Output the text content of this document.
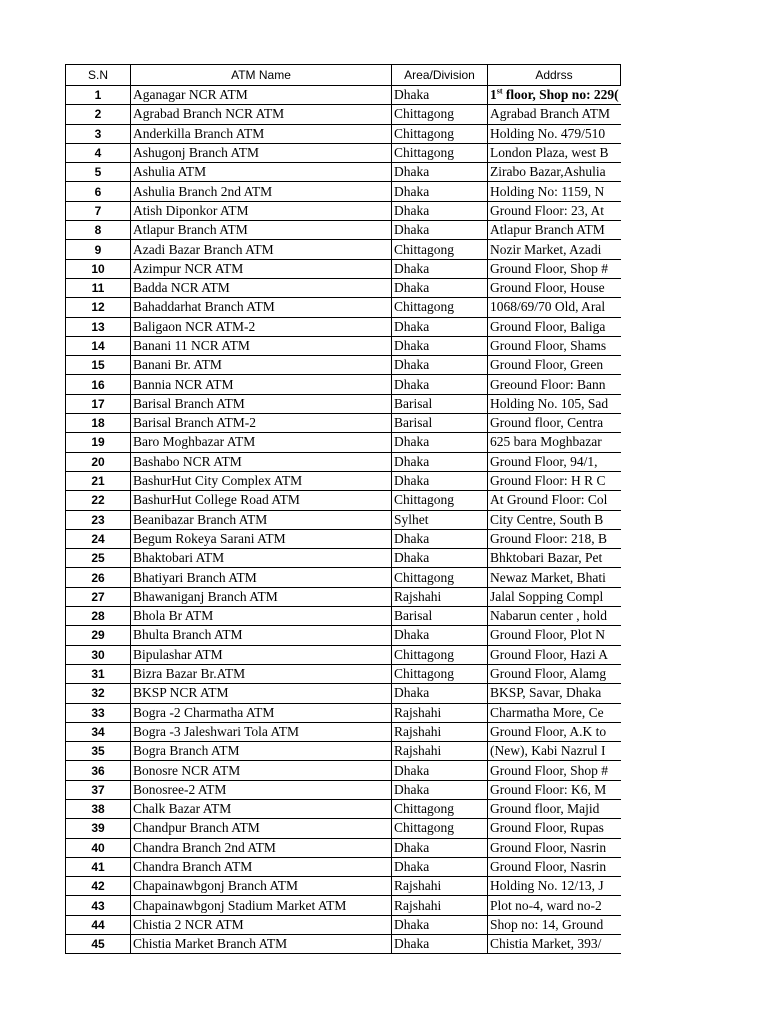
S.N	ATM Name	Area/Division	Addrss
1	Aganagar NCR ATM	Dhaka	1st floor, Shop no: 229(
2	Agrabad Branch NCR ATM	Chittagong	Agrabad Branch ATM
3	Anderkilla Branch ATM	Chittagong	Holding No. 479/510
4	Ashugonj Branch ATM	Chittagong	London Plaza, west B
5	Ashulia ATM	Dhaka	Zirabo Bazar,Ashulia
6	Ashulia Branch 2nd ATM	Dhaka	Holding No: 1159, N
7	Atish Diponkor ATM	Dhaka	Ground Floor: 23, At
8	Atlapur Branch ATM	Dhaka	Atlapur Branch ATM
9	Azadi Bazar Branch ATM	Chittagong	Nozir Market, Azadi
10	Azimpur NCR ATM	Dhaka	Ground Floor, Shop #
11	Badda NCR ATM	Dhaka	Ground Floor, House
12	Bahaddarhat Branch ATM	Chittagong	1068/69/70 Old, Aral
13	Baligaon NCR ATM-2	Dhaka	Ground Floor, Baliga
14	Banani 11 NCR ATM	Dhaka	Ground Floor, Shams
15	Banani Br. ATM	Dhaka	Ground Floor, Green
16	Bannia NCR ATM	Dhaka	Greound Floor: Bann
17	Barisal Branch ATM	Barisal	Holding No. 105, Sad
18	Barisal Branch ATM-2	Barisal	Ground floor, Centra
19	Baro Moghbazar ATM	Dhaka	625 bara Moghbazar
20	Bashabo NCR ATM	Dhaka	Ground Floor, 94/1,
21	BashurHut City Complex ATM	Dhaka	Ground Floor: H R C
22	BashurHut College Road ATM	Chittagong	At Ground Floor: Col
23	Beanibazar Branch ATM	Sylhet	City Centre, South B
24	Begum Rokeya Sarani ATM	Dhaka	Ground Floor: 218, B
25	Bhaktobari ATM	Dhaka	Bhktobari Bazar, Pet
26	Bhatiyari Branch ATM	Chittagong	Newaz Market, Bhati
27	Bhawaniganj Branch ATM	Rajshahi	Jalal Sopping Compl
28	Bhola Br ATM	Barisal	Nabarun center , hold
29	Bhulta Branch ATM	Dhaka	Ground Floor, Plot N
30	Bipulashar ATM	Chittagong	Ground Floor, Hazi A
31	Bizra Bazar Br.ATM	Chittagong	Ground Floor, Alamg
32	BKSP NCR ATM	Dhaka	BKSP, Savar, Dhaka
33	Bogra -2 Charmatha ATM	Rajshahi	Charmatha More, Ce
34	Bogra -3 Jaleshwari Tola ATM	Rajshahi	Ground Floor, A.K to
35	Bogra Branch ATM	Rajshahi	(New), Kabi Nazrul I
36	Bonosre NCR ATM	Dhaka	Ground Floor, Shop #
37	Bonosree-2 ATM	Dhaka	Ground Floor: K6, M
38	Chalk Bazar ATM	Chittagong	Ground floor, Majid
39	Chandpur Branch ATM	Chittagong	Ground Floor, Rupas
40	Chandra Branch 2nd ATM	Dhaka	Ground Floor, Nasrin
41	Chandra Branch ATM	Dhaka	Ground Floor, Nasrin
42	Chapainawbgonj Branch ATM	Rajshahi	Holding No. 12/13, J
43	Chapainawbgonj Stadium Market ATM	Rajshahi	Plot no-4, ward no-2
44	Chistia 2 NCR ATM	Dhaka	Shop no: 14, Ground
45	Chistia Market Branch ATM	Dhaka	Chistia Market, 393/
